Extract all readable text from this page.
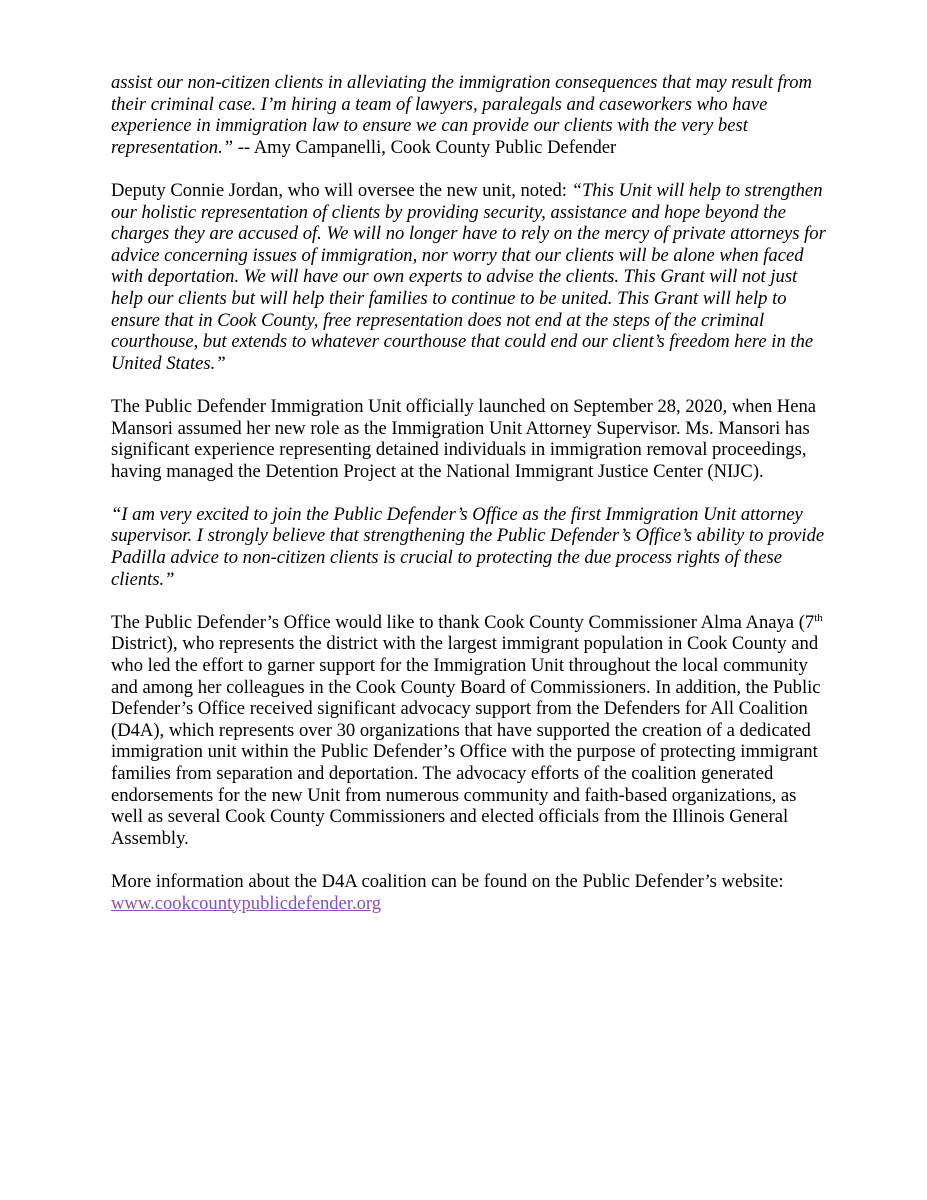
assist our non-citizen clients in alleviating the immigration consequences that may result from their criminal case. I’m hiring a team of lawyers, paralegals and caseworkers who have experience in immigration law to ensure we can provide our clients with the very best representation.” -- Amy Campanelli, Cook County Public Defender

Deputy Connie Jordan, who will oversee the new unit, noted: “This Unit will help to strengthen our holistic representation of clients by providing security, assistance and hope beyond the charges they are accused of. We will no longer have to rely on the mercy of private attorneys for advice concerning issues of immigration, nor worry that our clients will be alone when faced with deportation. We will have our own experts to advise the clients. This Grant will not just help our clients but will help their families to continue to be united. This Grant will help to ensure that in Cook County, free representation does not end at the steps of the criminal courthouse, but extends to whatever courthouse that could end our client’s freedom here in the United States.”

The Public Defender Immigration Unit officially launched on September 28, 2020, when Hena Mansori assumed her new role as the Immigration Unit Attorney Supervisor. Ms. Mansori has significant experience representing detained individuals in immigration removal proceedings, having managed the Detention Project at the National Immigrant Justice Center (NIJC).

“I am very excited to join the Public Defender’s Office as the first Immigration Unit attorney supervisor. I strongly believe that strengthening the Public Defender’s Office’s ability to provide Padilla advice to non-citizen clients is crucial to protecting the due process rights of these clients.”

The Public Defender’s Office would like to thank Cook County Commissioner Alma Anaya (7th District), who represents the district with the largest immigrant population in Cook County and who led the effort to garner support for the Immigration Unit throughout the local community and among her colleagues in the Cook County Board of Commissioners. In addition, the Public Defender’s Office received significant advocacy support from the Defenders for All Coalition (D4A), which represents over 30 organizations that have supported the creation of a dedicated immigration unit within the Public Defender’s Office with the purpose of protecting immigrant families from separation and deportation. The advocacy efforts of the coalition generated endorsements for the new Unit from numerous community and faith-based organizations, as well as several Cook County Commissioners and elected officials from the Illinois General Assembly.

More information about the D4A coalition can be found on the Public Defender’s website: www.cookcountypublicdefender.org
